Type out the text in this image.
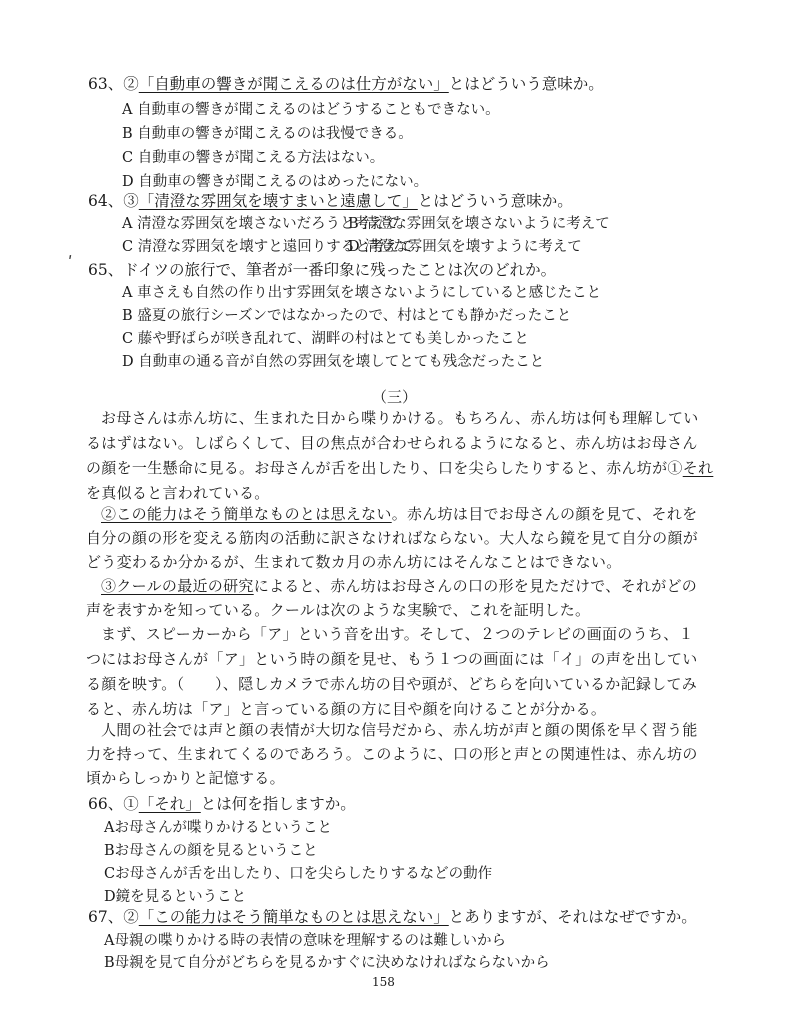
63、②「自動車の響きが聞こえるのは仕方がない」とはどういう意味か。
A 自動車の響きが聞こえるのはどうすることもできない。
B 自動車の響きが聞こえるのは我慢できる。
C 自動車の響きが聞こえる方法はない。
D 自動車の響きが聞こえるのはめったにない。
64、③「清澄な雰囲気を壊すまいと遠慮して」とはどういう意味か。
A 清澄な雰囲気を壊さないだろうと考えて
B 清澄な雰囲気を壊さないように考えて
C 清澄な雰囲気を壊すと遠回りすると考えて
D 清澄な雰囲気を壊すように考えて
ʹ 65、ドイツの旅行で、筆者が一番印象に残ったことは次のどれか。
A 車さえも自然の作り出す雰囲気を壊さないようにしていると感じたこと
B 盛夏の旅行シーズンではなかったので、村はとても静かだったこと
C 藤や野ばらが咲き乱れて、湖畔の村はとても美しかったこと
D 自動車の通る音が自然の雰囲気を壊してとても残念だったこと
（三）
お母さんは赤ん坊に、生まれた日から喋りかける。もちろん、赤ん坊は何も理解してい
るはずはない。しばらくして、目の焦点が合わせられるようになると、赤ん坊はお母さん
の顔を一生懸命に見る。お母さんが舌を出したり、口を尖らしたりすると、赤ん坊が①それ
を真似ると言われている。
②この能力はそう簡単なものとは思えない。赤ん坊は目でお母さんの顔を見て、それを
自分の顔の形を変える筋肉の活動に訳さなければならない。大人なら鏡を見て自分の顔が
どう変わるか分かるが、生まれて数カ月の赤ん坊にはそんなことはできない。
③クールの最近の研究によると、赤ん坊はお母さんの口の形を見ただけで、それがどの
声を表すかを知っている。クールは次のような実験で、これを証明した。
まず、スピーカーから「ア」という音を出す。そして、２つのテレビの画面のうち、１
つにはお母さんが「ア」という時の顔を見せ、もう１つの画面には「イ」の声を出してい
る顔を映す。（　　）、隠しカメラで赤ん坊の目や頭が、どちらを向いているか記録してみ
ると、赤ん坊は「ア」と言っている顔の方に目や顔を向けることが分かる。
人間の社会では声と顔の表情が大切な信号だから、赤ん坊が声と顔の関係を早く習う能
力を持って、生まれてくるのであろう。このように、口の形と声との関連性は、赤ん坊の
頃からしっかりと記憶する。
66、①「それ」とは何を指しますか。
Aお母さんが喋りかけるということ
Bお母さんの顔を見るということ
Cお母さんが舌を出したり、口を尖らしたりするなどの動作
D鏡を見るということ
67、②「この能力はそう簡単なものとは思えない」とありますが、それはなぜですか。
A母親の喋りかける時の表情の意味を理解するのは難しいから
B母親を見て自分がどちらを見るかすぐに決めなければならないから
158
